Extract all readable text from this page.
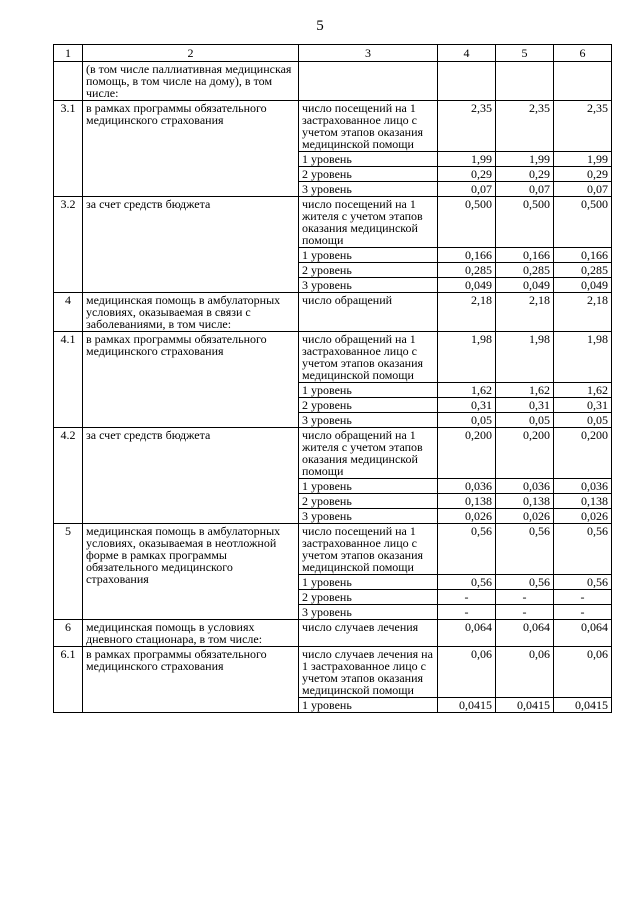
5
1	2	3	4	5	6
	(в том числе паллиативная медицинская помощь, в том числе на дому), в том числе:				
3.1	в рамках программы обязательного медицинского страхования	число посещений на 1 застрахованное лицо с учетом этапов оказания медицинской помощи	2,35	2,35	2,35
		1 уровень	1,99	1,99	1,99
		2 уровень	0,29	0,29	0,29
		3 уровень	0,07	0,07	0,07
3.2	за счет средств бюджета	число посещений на 1 жителя с учетом этапов оказания медицинской помощи	0,500	0,500	0,500
		1 уровень	0,166	0,166	0,166
		2 уровень	0,285	0,285	0,285
		3 уровень	0,049	0,049	0,049
4	медицинская помощь в амбулаторных условиях, оказываемая в связи с заболеваниями, в том числе:	число обращений	2,18	2,18	2,18
4.1	в рамках программы обязательного медицинского страхования	число обращений на 1 застрахованное лицо с учетом этапов оказания медицинской помощи	1,98	1,98	1,98
		1 уровень	1,62	1,62	1,62
		2 уровень	0,31	0,31	0,31
		3 уровень	0,05	0,05	0,05
4.2	за счет средств бюджета	число обращений на 1 жителя с учетом этапов оказания медицинской помощи	0,200	0,200	0,200
		1 уровень	0,036	0,036	0,036
		2 уровень	0,138	0,138	0,138
		3 уровень	0,026	0,026	0,026
5	медицинская помощь в амбулаторных условиях, оказываемая в неотложной форме в рамках программы обязательного медицинского страхования	число посещений на 1 застрахованное лицо с учетом этапов оказания медицинской помощи	0,56	0,56	0,56
		1 уровень	0,56	0,56	0,56
		2 уровень	-	-	-
		3 уровень	-	-	-
6	медицинская помощь в условиях дневного стационара, в том числе:	число случаев лечения	0,064	0,064	0,064
6.1	в рамках программы обязательного медицинского страхования	число случаев лечения на 1 застрахованное лицо с учетом этапов оказания медицинской помощи	0,06	0,06	0,06
		1 уровень	0,0415	0,0415	0,0415
